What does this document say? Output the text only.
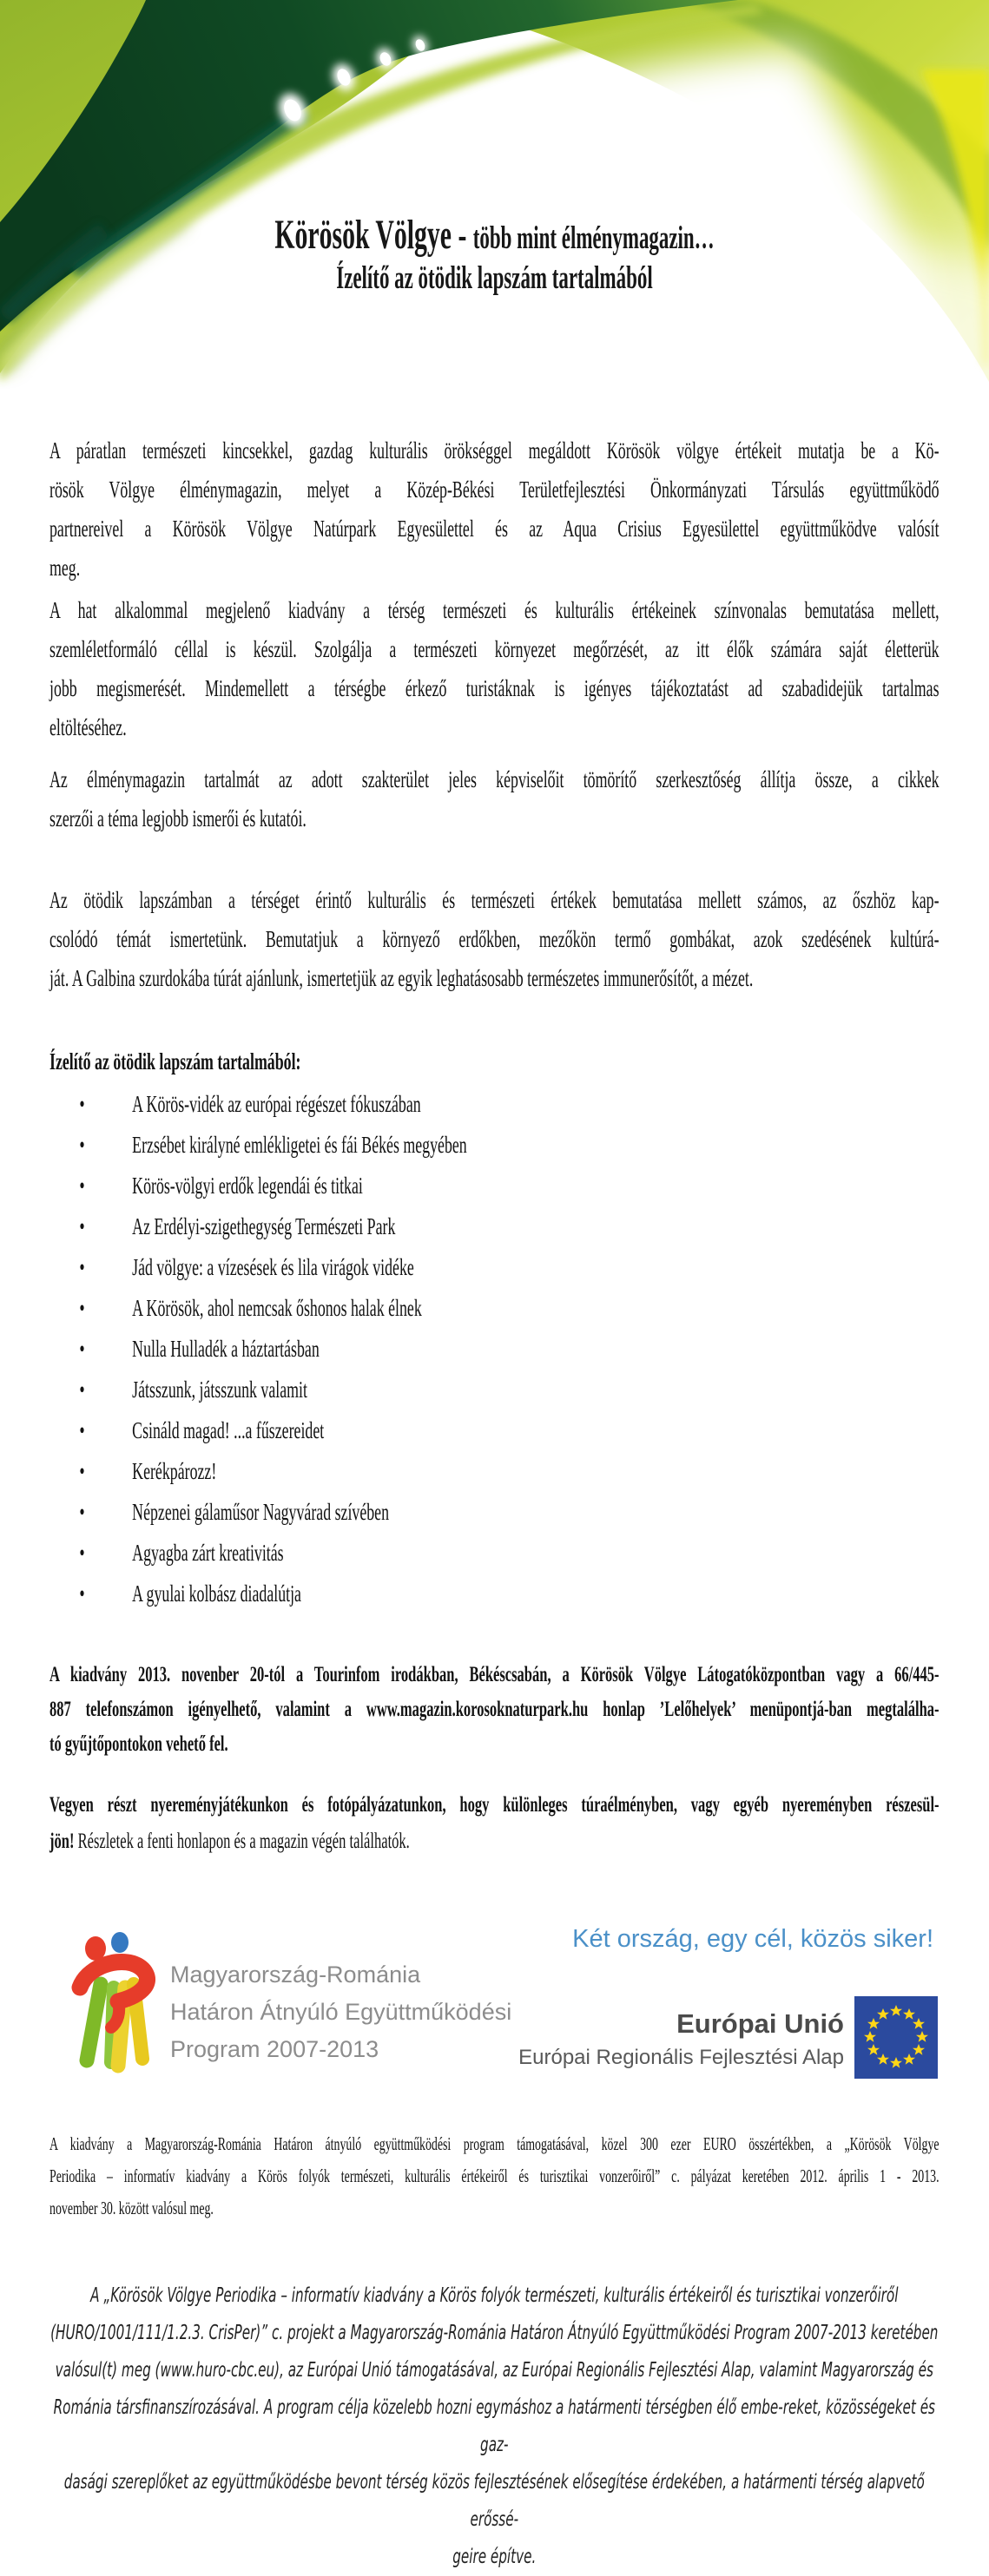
Körösök Völgye - több mint élménymagazin…
Ízelítő az ötödik lapszám tartalmából
A páratlan természeti kincsekkel, gazdag kulturális örökséggel megáldott Körösök völgye értékeit mutatja be a Kö-
rösök Völgye élménymagazin, melyet a Közép-Békési Területfejlesztési Önkormányzati Társulás együttműködő
partnereivel a Körösök Völgye Natúrpark Egyesülettel és az Aqua Crisius Egyesülettel együttműködve valósít
meg.
A hat alkalommal megjelenő kiadvány a térség természeti és kulturális értékeinek színvonalas bemutatása mellett,
szemléletformáló céllal is készül. Szolgálja a természeti környezet megőrzését, az itt élők számára saját életterük
jobb megismerését. Mindemellett a térségbe érkező turistáknak is igényes tájékoztatást ad szabadidejük tartalmas
eltöltéséhez.
Az élménymagazin tartalmát az adott szakterület jeles képviselőit tömörítő szerkesztőség állítja össze, a cikkek
szerzői a téma legjobb ismerői és kutatói.
Az ötödik lapszámban a térséget érintő kulturális és természeti értékek bemutatása mellett számos, az őszhöz kap-
csolódó témát ismertetünk. Bemutatjuk a környező erdőkben, mezőkön termő gombákat, azok szedésének kultúrá-
ját. A Galbina szurdokába túrát ajánlunk, ismertetjük az egyik leghatásosabb természetes immunerősítőt, a mézet.
Ízelítő az ötödik lapszám tartalmából:
• A Körös-vidék az európai régészet fókuszában
• Erzsébet királyné emlékligetei és fái Békés megyében
• Körös-völgyi erdők legendái és titkai
• Az Erdélyi-szigethegység Természeti Park
• Jád völgye: a vízesések és lila virágok vidéke
• A Körösök, ahol nemcsak őshonos halak élnek
• Nulla Hulladék a háztartásban
• Játsszunk, játsszunk valamit
• Csináld magad! ...a fűszereidet
• Kerékpározz!
• Népzenei gálaműsor Nagyvárad szívében
• Agyagba zárt kreativitás
• A gyulai kolbász diadalútja
A kiadvány 2013. novenber 20-tól a Tourinfom irodákban, Békéscsabán, a Körösök Völgye Látogatóközpontban vagy a 66/445-
887 telefonszámon igényelhető, valamint a www.magazin.korosoknaturpark.hu honlap ’Lelőhelyek’ menüpontjá-ban megtalálha-
tó gyűjtőpontokon vehető fel.
Vegyen részt nyereményjátékunkon és fotópályázatunkon, hogy különleges túraélményben, vagy egyéb nyereményben részesül-
jön! Részletek a fenti honlapon és a magazin végén találhatók.
Magyarország-Románia
Határon Átnyúló Együttműködési
Program 2007-2013
Két ország, egy cél, közös siker!
Európai Unió
Európai Regionális Fejlesztési Alap
A kiadvány a Magyarország-Románia Határon átnyúló együttműködési program támogatásával, közel 300 ezer EURO összértékben, a „Körösök Völgye
Periodika – informatív kiadvány a Körös folyók természeti, kulturális értékeiről és turisztikai vonzerőiről” c. pályázat keretében 2012. április 1 - 2013.
november 30. között valósul meg.
A „Körösök Völgye Periodika – informatív kiadvány a Körös folyók természeti, kulturális értékeiről és turisztikai vonzerőiről
(HURO/1001/111/1.2.3. CrisPer)” c. projekt a Magyarország-Románia Határon Átnyúló Együttműködési Program 2007-2013 keretében
valósul(t) meg (www.huro-cbc.eu), az Európai Unió támogatásával, az Európai Regionális Fejlesztési Alap, valamint Magyarország és
Románia társfinanszírozásával. A program célja közelebb hozni egymáshoz a határmenti térségben élő embe-reket, közösségeket és gaz-
dasági szereplőket az együttműködésbe bevont térség közös fejlesztésének elősegítése érdekében, a határmenti térség alapvető erőssé-
geire építve.
